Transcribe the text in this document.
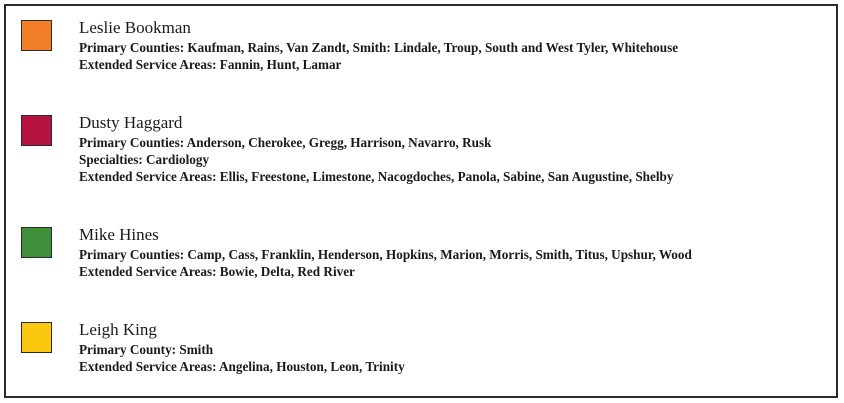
Leslie Bookman
Primary Counties: Kaufman, Rains, Van Zandt, Smith: Lindale, Troup, South and West Tyler, Whitehouse
Extended Service Areas: Fannin, Hunt, Lamar
Dusty Haggard
Primary Counties: Anderson, Cherokee, Gregg, Harrison, Navarro, Rusk
Specialties: Cardiology
Extended Service Areas: Ellis, Freestone, Limestone, Nacogdoches, Panola, Sabine, San Augustine, Shelby
Mike Hines
Primary Counties: Camp, Cass, Franklin, Henderson, Hopkins, Marion, Morris, Smith, Titus, Upshur, Wood
Extended Service Areas: Bowie, Delta, Red River
Leigh King
Primary County: Smith
Extended Service Areas: Angelina, Houston, Leon, Trinity
